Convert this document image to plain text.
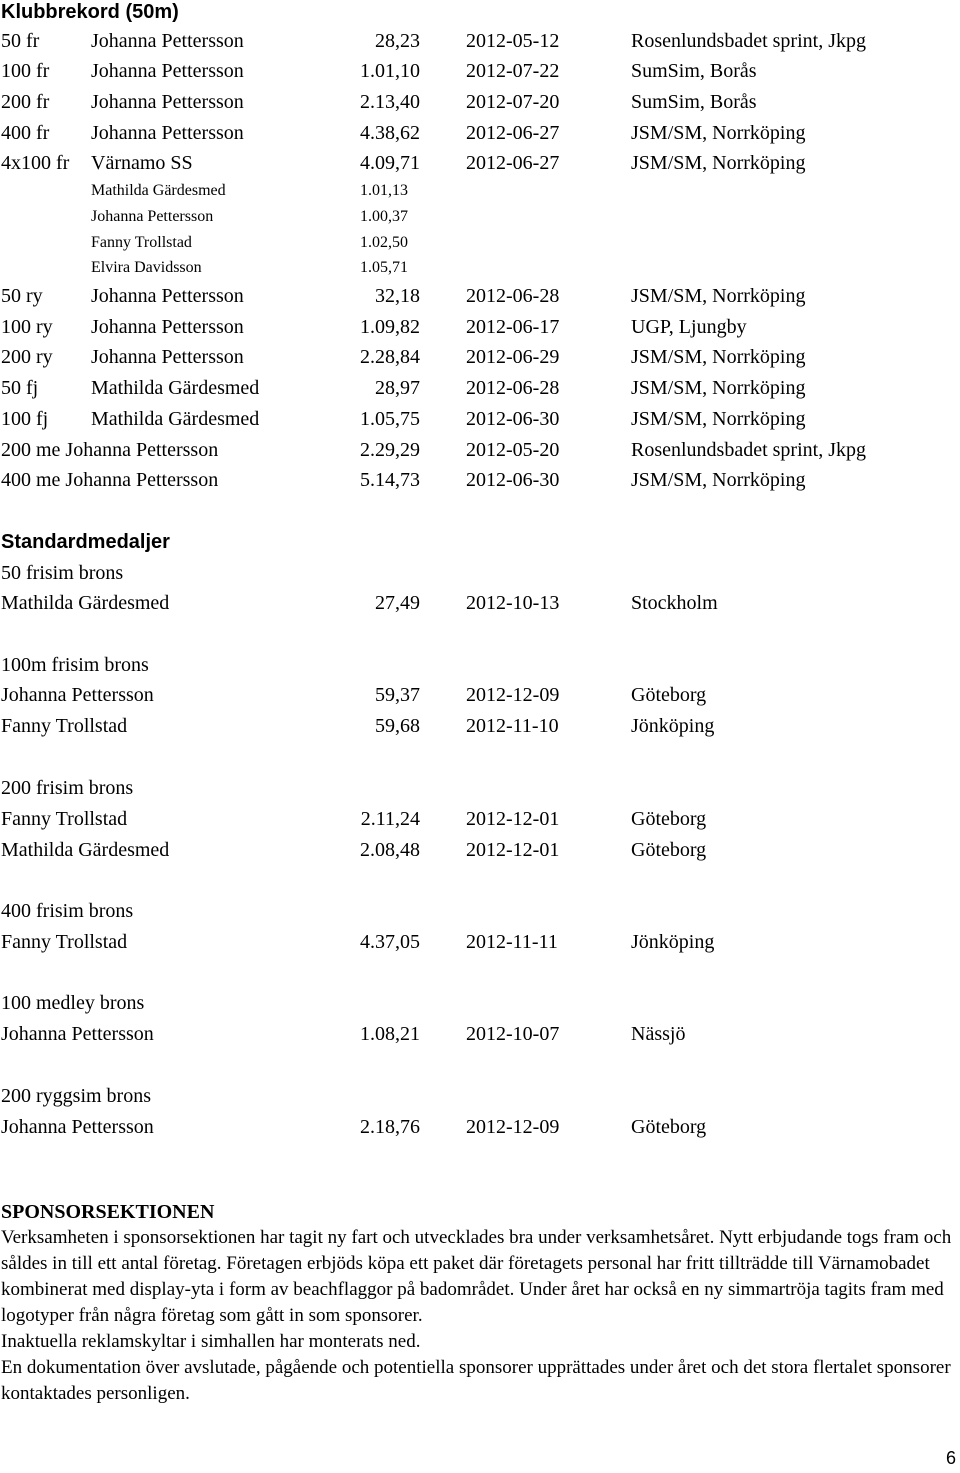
Klubbrekord (50m)
50 fr	Johanna Pettersson	28,23 2012-05-12	Rosenlundsbadet sprint, Jkpg
100 fr Johanna Pettersson	1.01,10 2012-07-22	SumSim, Borås
200 fr Johanna Pettersson	2.13,40 2012-07-20	SumSim, Borås
400 fr Johanna Pettersson	4.38,62 2012-06-27	JSM/SM, Norrköping
4x100 fr Värnamo SS	4.09,71 2012-06-27	JSM/SM, Norrköping
Mathilda Gärdesmed	1.01,13
Johanna Pettersson	1.00,37
Fanny Trollstad	1.02,50
Elvira Davidsson	1.05,71
50 ry Johanna Pettersson	32,18 2012-06-28	JSM/SM, Norrköping
100 ry Johanna Pettersson	1.09,82 2012-06-17	UGP, Ljungby
200 ry Johanna Pettersson	2.28,84 2012-06-29	JSM/SM, Norrköping
50 fj	Mathilda Gärdesmed	28,97 2012-06-28	JSM/SM, Norrköping
100 fj Mathilda Gärdesmed	1.05,75 2012-06-30	JSM/SM, Norrköping
200 me Johanna Pettersson	2.29,29 2012-05-20	Rosenlundsbadet sprint, Jkpg
400 me Johanna Pettersson	5.14,73 2012-06-30	JSM/SM, Norrköping
Standardmedaljer
50 frisim brons
Mathilda Gärdesmed	27,49 2012-10-13	Stockholm
100m frisim brons
Johanna Pettersson	59,37 2012-12-09	Göteborg
Fanny Trollstad	59,68 2012-11-10	Jönköping
200 frisim brons
Fanny Trollstad	2.11,24 2012-12-01	Göteborg
Mathilda Gärdesmed	2.08,48 2012-12-01	Göteborg
400 frisim brons
Fanny Trollstad	4.37,05 2012-11-11	Jönköping
100 medley brons
Johanna Pettersson	1.08,21 2012-10-07	Nässjö
200 ryggsim brons
Johanna Pettersson	2.18,76 2012-12-09	Göteborg
SPONSORSEKTIONEN

Verksamheten i sponsorsektionen har tagit ny fart och utvecklades bra under verksamhetsåret. Nytt erbjudande togs fram och såldes in till ett antal företag. Företagen erbjöds köpa ett paket där företagets personal har fritt tillträdde till Värnamobadet kombinerat med display-yta i form av beachflaggor på badområdet. Under året har också en ny simmartröja tagits fram med logotyper från några företag som gått in som sponsorer.

Inaktuella reklamskyltar i simhallen har monterats ned.

En dokumentation över avslutade, pågående och potentiella sponsorer upprättades under året och det stora flertalet sponsorer kontaktades personligen.

6
